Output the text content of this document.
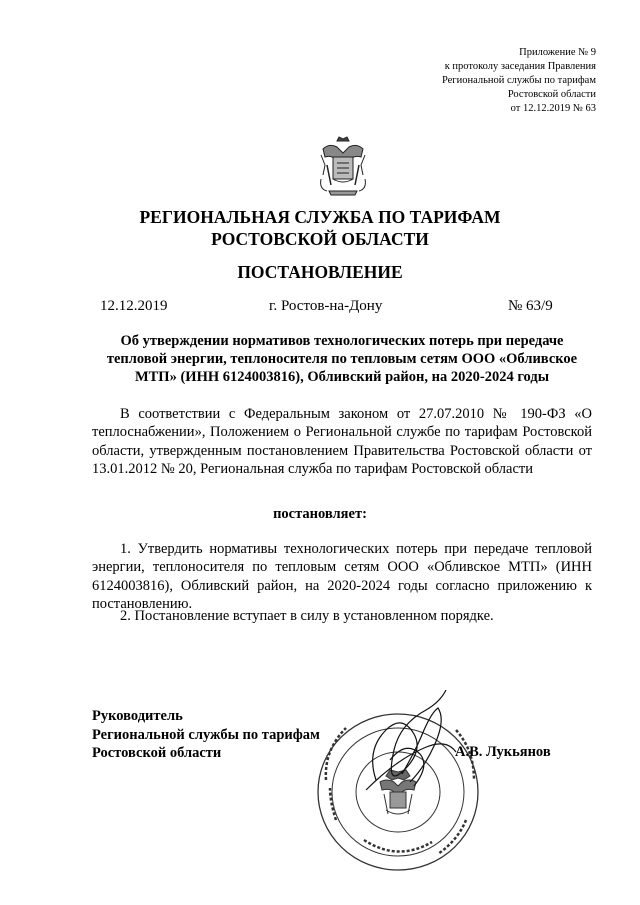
Приложение № 9
к протоколу заседания Правления
Региональной службы по тарифам
Ростовской области
от 12.12.2019 № 63
РЕГИОНАЛЬНАЯ СЛУЖБА ПО ТАРИФАМ
РОСТОВСКОЙ ОБЛАСТИ
ПОСТАНОВЛЕНИЕ
12.12.2019	г. Ростов-на-Дону	№ 63/9
Об утверждении нормативов технологических потерь при передаче
тепловой энергии, теплоносителя по тепловым сетям ООО «Обливское
МТП» (ИНН 6124003816), Обливский район, на 2020-2024 годы
В соответствии с Федеральным законом от 27.07.2010 № 190-ФЗ «О теплоснабжении», Положением о Региональной службе по тарифам Ростовской области, утвержденным постановлением Правительства Ростовской области от 13.01.2012 № 20, Региональная служба по тарифам Ростовской области
постановляет:
1. Утвердить нормативы технологических потерь при передаче тепловой энергии, теплоносителя по тепловым сетям ООО «Обливское МТП» (ИНН 6124003816), Обливский район, на 2020-2024 годы согласно приложению к постановлению.
2. Постановление вступает в силу в установленном порядке.
Руководитель
Региональной службы по тарифам
Ростовской области	А.В. Лукьянов
